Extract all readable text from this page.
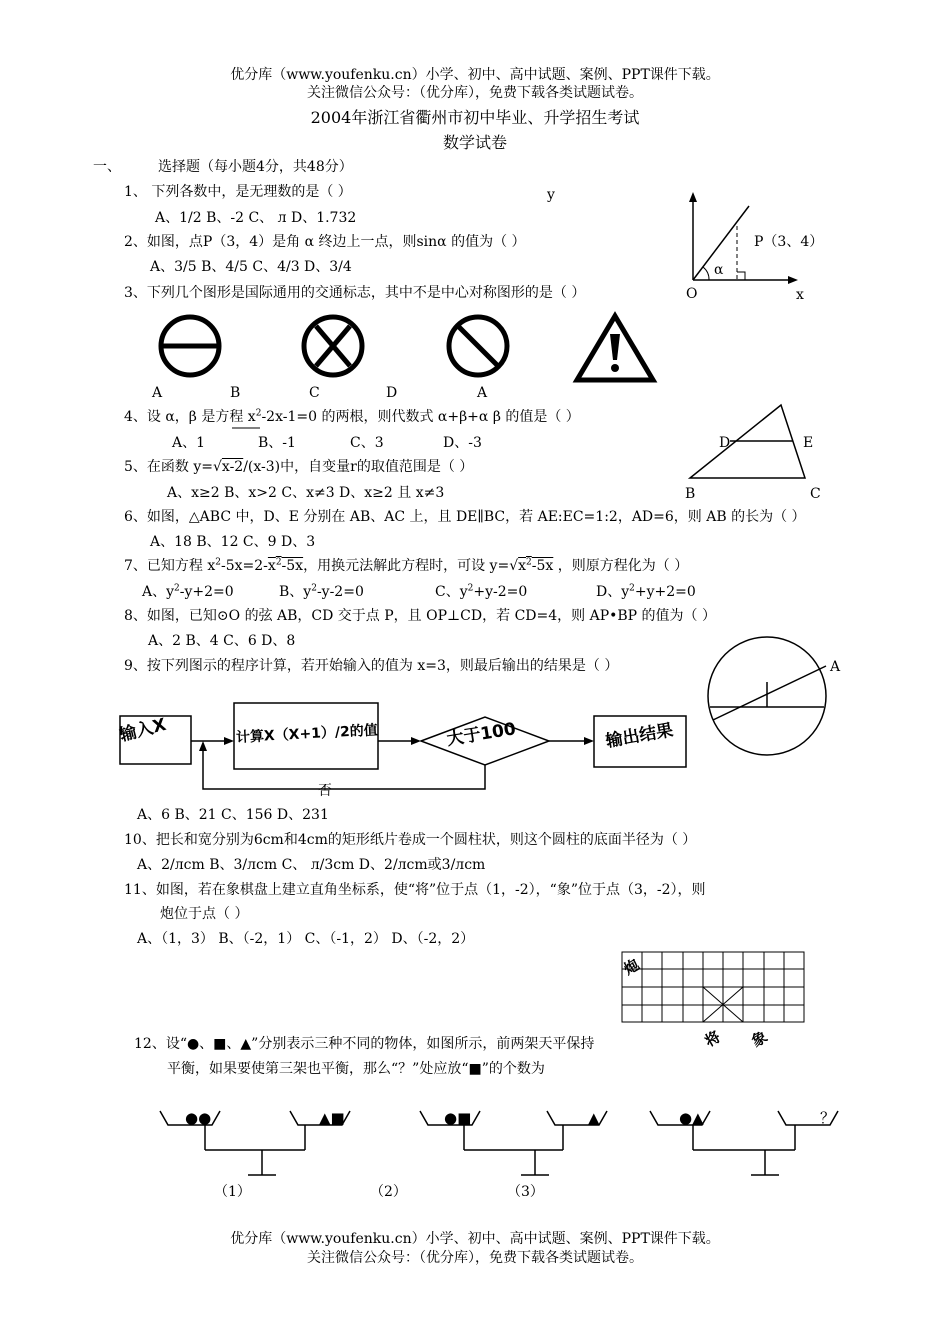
优分库（www.youfenku.cn）小学、初中、高中试题、案例、PPT课件下载。
关注微信公众号：（优分库），免费下载各类试题试卷。
2004年浙江省衢州市初中毕业、升学招生考试
数学试卷
一、	选择题（每小题4分，共48分）
1、 下列各数中，是无理数的是（ ）
A、1/2 B、-2 C、 л D、1.732
2、如图，点P（3，4）是角 α 终边上一点，则sinα 的值为（ ）
A、3/5 B、4/5 C、4/3 D、3/4
3、下列几个图形是国际通用的交通标志，其中不是中心对称图形的是（ ）
A	B	C	D	A
4、设 α，β 是方程 $x^2-2x-1=0$ 的两根，则代数式 α+β+α β 的值是（ ）
A、1	B、-1	C、3	D、-3
5、在函数 y=√x-2/(x-3)中，自变量r的取值范围是（ ）
A、x≥2 B、x>2 C、x≠3 D、x≥2 且 x≠3
6、如图，△ABC 中，D、E 分别在 AB、AC 上，且 DE∥BC，若 AE:EC=1:2，AD=6，则 AB 的长为（ ）
A、18 B、12 C、9 D、3
7、已知方程 $x^2-5x=2-x^2-5x$，用换元法解此方程时，可设 $y=√x^2-5x$ ，则原方程化为（ ）
A、$y^2-y+2=0$	B、$y^2-y-2=0$	C、$y^2+y-2=0$	D、$y^2+y+2=0$
8、如图，已知⊙O 的弦 AB，CD 交于点 P，且 OP⊥CD，若 CD=4，则 AP•BP 的值为（ ）
A、2 B、4 C、6 D、8
9、按下列图示的程序计算，若开始输入的值为 x=3，则最后输出的结果是（ ）
y
P（3、4）
α
O	x
D	E
B	C
A
输入X	计算X（X+1）/2的值	大于100	输出结果
否
A、6 B、21 C、156 D、231
10、把长和宽分别为6cm和4cm的矩形纸片卷成一个圆柱状，则这个圆柱的底面半径为（ ）
A、2/лcm B、3/лcm C、 л/3cm D、2/лcm或3/лcm
11、如图，若在象棋盘上建立直角坐标系，使“将”位于点（1，-2），“象”位于点（3，-2），则
炮位于点（ ）
A、（1，3） B、（-2，1） C、（-1，2） D、（-2，2）
炮
将 象
12、设“●、■、▲”分别表示三种不同的物体，如图所示，前两架天平保持
平衡，如果要使第三架也平衡，那么“？”处应放“■”的个数为
●●	▲■	●■	▲	●▲	？
（1）	（2）	（3）
优分库（www.youfenku.cn）小学、初中、高中试题、案例、PPT课件下载。
关注微信公众号：（优分库），免费下载各类试题试卷。
